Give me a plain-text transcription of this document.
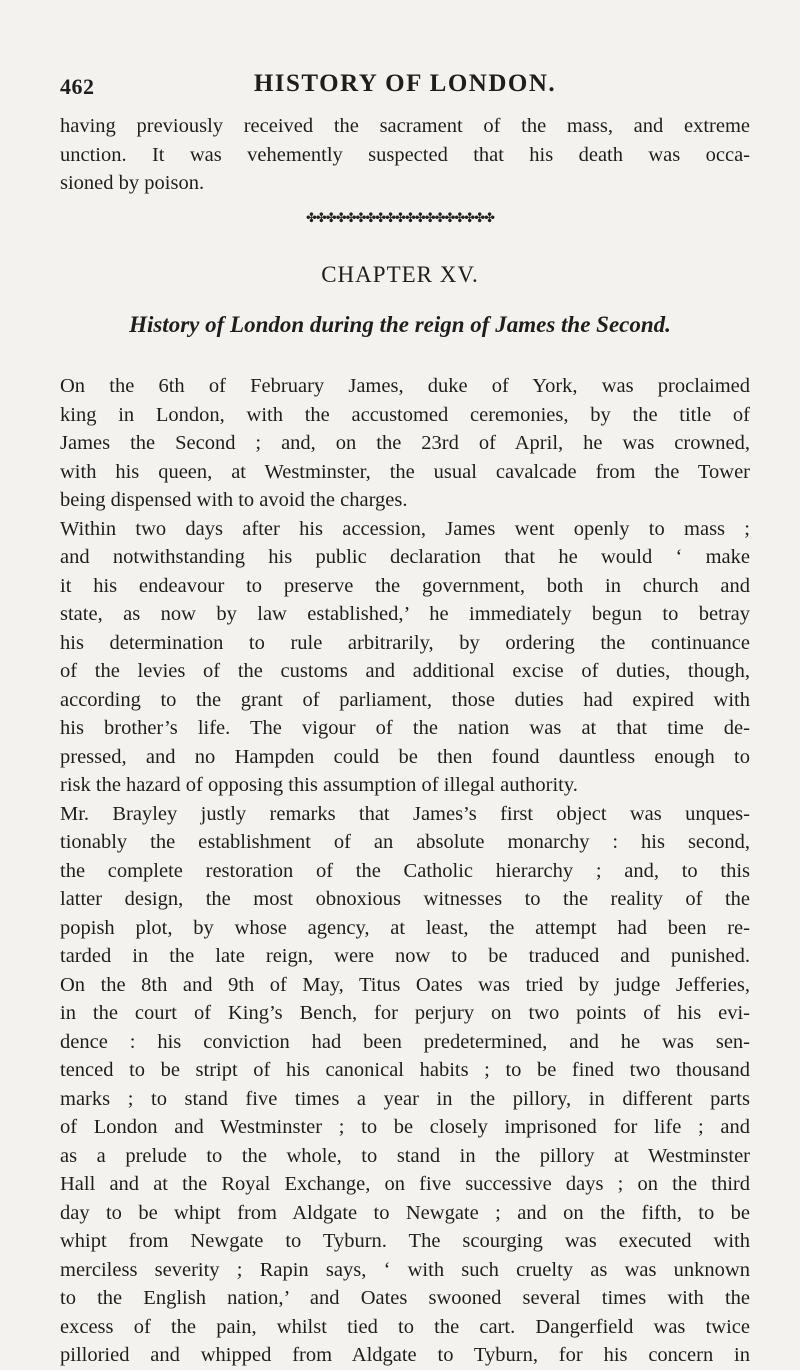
462	HISTORY OF LONDON.
having previously received the sacrament of the mass, and extreme
unction. It was vehemently suspected that his death was occa-
sioned by poison.
✤✤✤✤✤✤✤✤✤✤✤✤✤✤✤✤✤✤✤
CHAPTER XV.
History of London during the reign of James the Second.
On the 6th of February James, duke of York, was proclaimed
king in London, with the accustomed ceremonies, by the title of
James the Second ; and, on the 23rd of April, he was crowned,
with his queen, at Westminster, the usual cavalcade from the Tower
being dispensed with to avoid the charges.
Within two days after his accession, James went openly to mass ;
and notwithstanding his public declaration that he would ‘ make
it his endeavour to preserve the government, both in church and
state, as now by law established,’ he immediately begun to betray
his determination to rule arbitrarily, by ordering the continuance
of the levies of the customs and additional excise of duties, though,
according to the grant of parliament, those duties had expired with
his brother’s life. The vigour of the nation was at that time de-
pressed, and no Hampden could be then found dauntless enough to
risk the hazard of opposing this assumption of illegal authority.
Mr. Brayley justly remarks that James’s first object was unques-
tionably the establishment of an absolute monarchy : his second,
the complete restoration of the Catholic hierarchy ; and, to this
latter design, the most obnoxious witnesses to the reality of the
popish plot, by whose agency, at least, the attempt had been re-
tarded in the late reign, were now to be traduced and punished.
On the 8th and 9th of May, Titus Oates was tried by judge Jefferies,
in the court of King’s Bench, for perjury on two points of his evi-
dence : his conviction had been predetermined, and he was sen-
tenced to be stript of his canonical habits ; to be fined two thousand
marks ; to stand five times a year in the pillory, in different parts
of London and Westminster ; to be closely imprisoned for life ; and
as a prelude to the whole, to stand in the pillory at Westminster
Hall and at the Royal Exchange, on five successive days ; on the third
day to be whipt from Aldgate to Newgate ; and on the fifth, to be
whipt from Newgate to Tyburn. The scourging was executed with
merciless severity ; Rapin says, ‘ with such cruelty as was unknown
to the English nation,’ and Oates swooned several times with the
excess of the pain, whilst tied to the cart. Dangerfield was twice
pilloried and whipped from Aldgate to Tyburn, for his concern in
